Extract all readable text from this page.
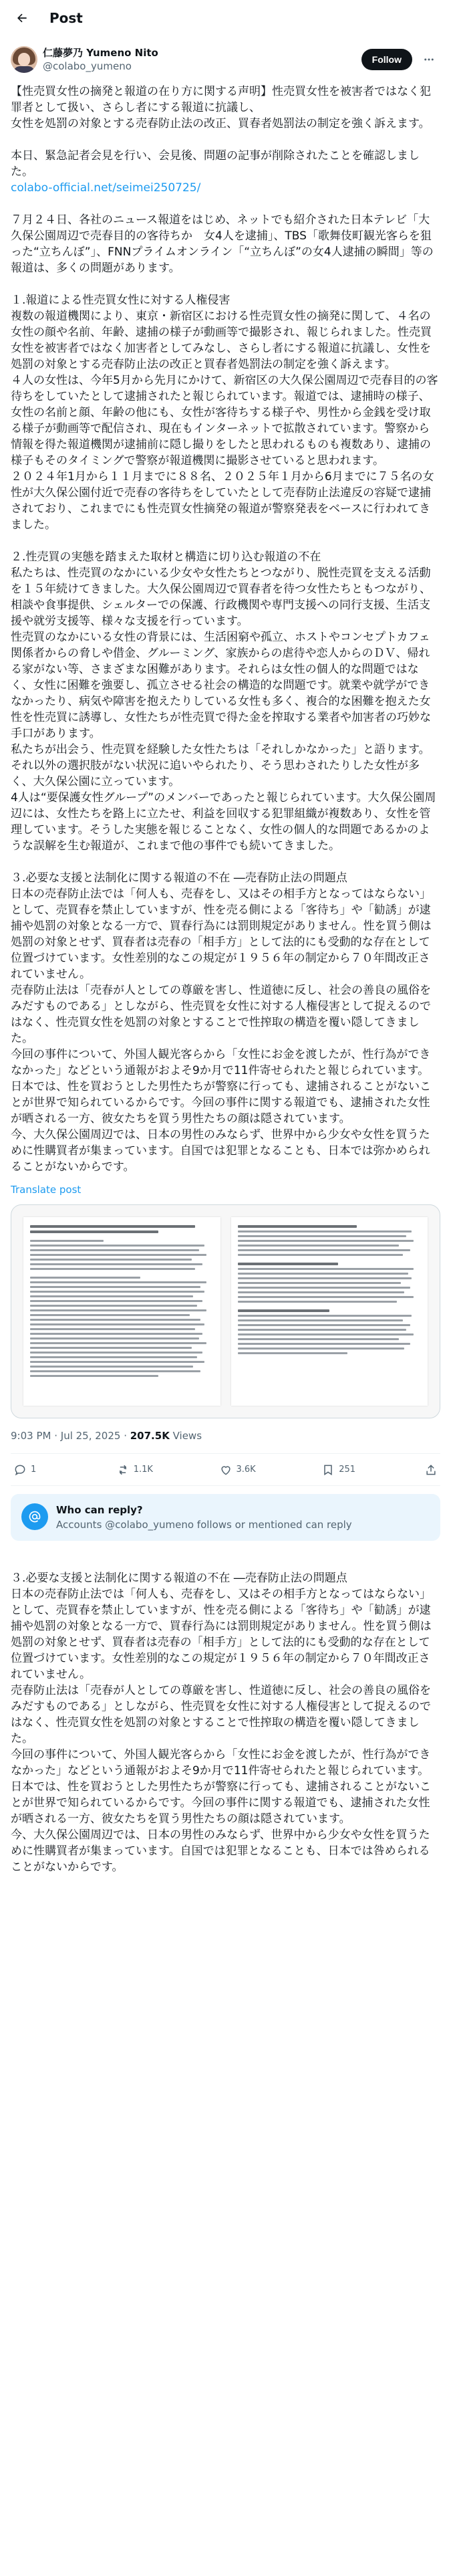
Post
仁藤夢乃 Yumeno Nito
@colabo_yumeno
Follow
【性売買女性の摘発と報道の在り方に関する声明】性売買女性を被害者ではなく犯罪者として扱い、さらし者にする報道に抗議し、
女性を処罰の対象とする売春防止法の改正、買春者処罰法の制定を強く訴えます。

本日、緊急記者会見を行い、会見後、問題の記事が削除されたことを確認しました。
colabo-official.net/seimei250725/

７月２４日、各社のニュース報道をはじめ、ネットでも紹介された日本テレビ「大久保公園周辺で売春目的の客待ちか　女4人を逮捕」、TBS「歌舞伎町観光客らを狙った“立ちんぼ”」、FNNプライムオンライン「“立ちんぼ”の女4人逮捕の瞬間」等の報道は、多くの問題があります。

１.報道による性売買女性に対する人権侵害
複数の報道機関により、東京・新宿区における性売買女性の摘発に関して、４名の女性の顔や名前、年齢、逮捕の様子が動画等で撮影され、報じられました。性売買女性を被害者ではなく加害者としてみなし、さらし者にする報道に抗議し、女性を処罰の対象とする売春防止法の改正と買春者処罰法の制定を強く訴えます。
４人の女性は、今年5月から先月にかけて、新宿区の大久保公園周辺で売春目的の客待ちをしていたとして逮捕されたと報じられています。報道では、逮捕時の様子、女性の名前と顔、年齢の他にも、女性が客待ちする様子や、男性から金銭を受け取る様子が動画等で配信され、現在もインターネットで拡散されています。警察から情報を得た報道機関が逮捕前に隠し撮りをしたと思われるものも複数あり、逮捕の様子もそのタイミングで警察が報道機関に撮影させていると思われます。
２０２４年1月から１１月までに８８名、２０２５年１月から6月までに７５名の女性が大久保公園付近で売春の客待ちをしていたとして売春防止法違反の容疑で逮捕されており、これまでにも性売買女性摘発の報道が警察発表をベースに行われてきました。

２.性売買の実態を踏まえた取材と構造に切り込む報道の不在
私たちは、性売買のなかにいる少女や女性たちとつながり、脱性売買を支える活動を１５年続けてきました。大久保公園周辺で買春者を待つ女性たちともつながり、相談や食事提供、シェルターでの保護、行政機関や専門支援への同行支援、生活支援や就労支援等、様々な支援を行っています。
性売買のなかにいる女性の背景には、生活困窮や孤立、ホストやコンセプトカフェ関係者からの脅しや借金、グルーミング、家族からの虐待や恋人からのＤＶ、帰れる家がない等、さまざまな困難があります。それらは女性の個人的な問題ではなく、女性に困難を強要し、孤立させる社会の構造的な問題です。就業や就学ができなかったり、病気や障害を抱えたりしている女性も多く、複合的な困難を抱えた女性を性売買に誘導し、女性たちが性売買で得た金を搾取する業者や加害者の巧妙な手口があります。
私たちが出会う、性売買を経験した女性たちは「それしかなかった」と語ります。それ以外の選択肢がない状況に追いやられたり、そう思わされたりした女性が多く、大久保公園に立っています。
4人は“要保護女性グループ”のメンバーであったと報じられています。大久保公園周辺には、女性たちを路上に立たせ、利益を回収する犯罪組織が複数あり、女性を管理しています。そうした実態を報じることなく、女性の個人的な問題であるかのような誤解を生む報道が、これまで他の事件でも続いてきました。

３.必要な支援と法制化に関する報道の不在 ―売春防止法の問題点
日本の売春防止法では「何人も、売春をし、又はその相手方となってはならない」として、売買春を禁止していますが、性を売る側による「客待ち」や「勧誘」が逮捕や処罰の対象となる一方で、買春行為には罰則規定がありません。性を買う側は処罰の対象とせず、買春者は売春の「相手方」として法的にも受動的な存在として位置づけています。女性差別的なこの規定が１９５６年の制定から７０年間改正されていません。
売春防止法は「売春が人としての尊厳を害し、性道徳に反し、社会の善良の風俗をみだすものである」としながら、性売買を女性に対する人権侵害として捉えるのではなく、性売買女性を処罰の対象とすることで性搾取の構造を覆い隠してきました。
今回の事件について、外国人観光客らから「女性にお金を渡したが、性行為ができなかった」などという通報がおよそ9か月で11件寄せられたと報じられています。日本では、性を買おうとした男性たちが警察に行っても、逮捕されることがないことが世界で知られているからです。今回の事件に関する報道でも、逮捕された女性が晒される一方、彼女たちを買う男性たちの顔は隠されています。
今、大久保公園周辺では、日本の男性のみならず、世界中から少女や女性を買うために性購買者が集まっています。自国では犯罪となることも、日本では弥かめられることがないからです。
Translate post
9:03 PM · Jul 25, 2025 · 207.5K Views
1	1.1K	3.6K	251
Who can reply?
Accounts @colabo_yumeno follows or mentioned can reply
３.必要な支援と法制化に関する報道の不在 ―売春防止法の問題点
日本の売春防止法では「何人も、売春をし、又はその相手方となってはならない」として、売買春を禁止していますが、性を売る側による「客待ち」や「勧誘」が逮捕や処罰の対象となる一方で、買春行為には罰則規定がありません。性を買う側は処罰の対象とせず、買春者は売春の「相手方」として法的にも受動的な存在として位置づけています。女性差別的なこの規定が１９５６年の制定から７０年間改正されていません。
売春防止法は「売春が人としての尊厳を害し、性道徳に反し、社会の善良の風俗をみだすものである」としながら、性売買を女性に対する人権侵害として捉えるのではなく、性売買女性を処罰の対象とすることで性搾取の構造を覆い隠してきました。
今回の事件について、外国人観光客らから「女性にお金を渡したが、性行為ができなかった」などという通報がおよそ9か月で11件寄せられたと報じられています。日本では、性を買おうとした男性たちが警察に行っても、逮捕されることがないことが世界で知られているからです。今回の事件に関する報道でも、逮捕された女性が晒される一方、彼女たちを買う男性たちの顔は隠されています。
今、大久保公園周辺では、日本の男性のみならず、世界中から少女や女性を買うために性購買者が集まっています。自国では犯罪となることも、日本では咎められることがないからです。
